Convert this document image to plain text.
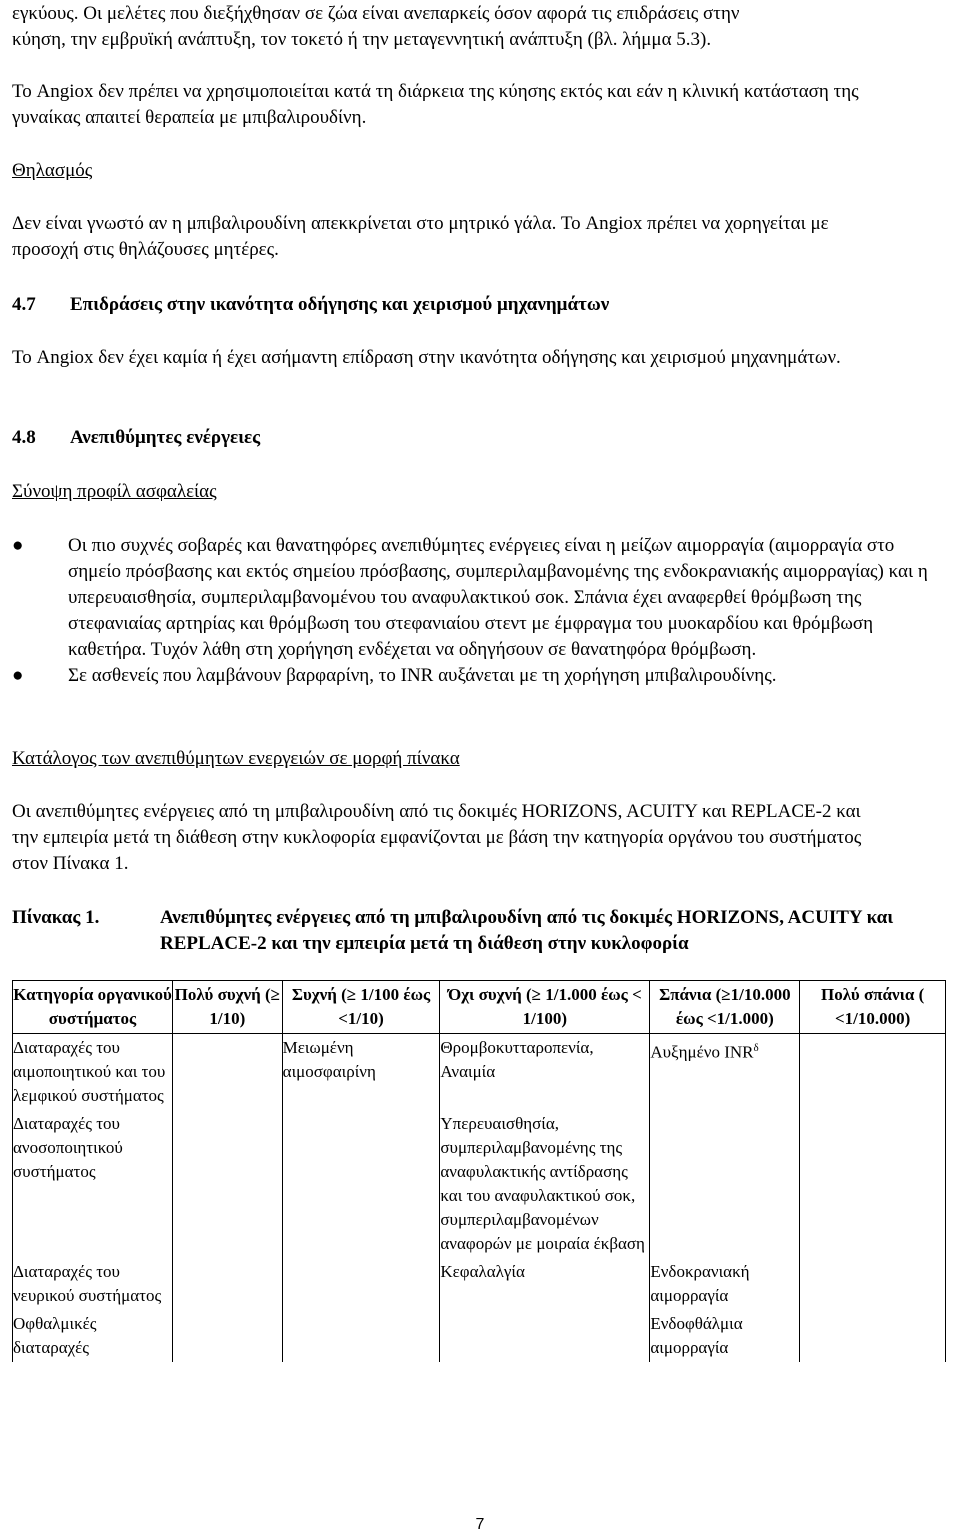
εγκύους. Οι μελέτες που διεξήχθησαν σε ζώα είναι ανεπαρκείς όσον αφορά τις επιδράσεις στην

κύηση, την εμβρυϊκή ανάπτυξη, τον τοκετό ή την μεταγεννητική ανάπτυξη (βλ. λήμμα 5.3).

Το Angiox δεν πρέπει να χρησιμοποιείται κατά τη διάρκεια της κύησης εκτός και εάν η κλινική κατάσταση της γυναίκας απαιτεί θεραπεία με μπιβαλιρουδίνη.

Θηλασμός

Δεν είναι γνωστό αν η μπιβαλιρουδίνη απεκκρίνεται στο μητρικό γάλα. Το Angiox πρέπει να χορηγείται με προσοχή στις θηλάζουσες μητέρες.

4.7 Επιδράσεις στην ικανότητα οδήγησης και χειρισμού μηχανημάτων

Το Angiox δεν έχει καμία ή έχει ασήμαντη επίδραση στην ικανότητα οδήγησης και χειρισμού μηχανημάτων.

4.8 Ανεπιθύμητες ενέργειες

Σύνοψη προφίλ ασφαλείας

●	Οι πιο συχνές σοβαρές και θανατηφόρες ανεπιθύμητες ενέργειες είναι η μείζων αιμορραγία (αιμορραγία στο σημείο πρόσβασης και εκτός σημείου πρόσβασης, συμπεριλαμβανομένης της ενδοκρανιακής αιμορραγίας) και η υπερευαισθησία, συμπεριλαμβανομένου του αναφυλακτικού σοκ. Σπάνια έχει αναφερθεί θρόμβωση της στεφανιαίας αρτηρίας και θρόμβωση του στεφανιαίου στεντ με έμφραγμα του μυοκαρδίου και θρόμβωση καθετήρα. Τυχόν λάθη στη χορήγηση ενδέχεται να οδηγήσουν σε θανατηφόρα θρόμβωση.
●	Σε ασθενείς που λαμβάνουν βαρφαρίνη, το INR αυξάνεται με τη χορήγηση μπιβαλιρουδίνης.

Κατάλογος των ανεπιθύμητων ενεργειών σε μορφή πίνακα

Οι ανεπιθύμητες ενέργειες από τη μπιβαλιρουδίνη από τις δοκιμές HORIZONS, ACUITY και REPLACE-2 και την εμπειρία μετά τη διάθεση στην κυκλοφορία εμφανίζονται με βάση την κατηγορία οργάνου του συστήματος στον Πίνακα 1.

Πίνακας 1.	Ανεπιθύμητες ενέργειες από τη μπιβαλιρουδίνη από τις δοκιμές HORIZONS, ACUITY και REPLACE-2 και την εμπειρία μετά τη διάθεση στην κυκλοφορία
Κατηγορία οργανικού συστήματος	Πολύ συχνή (≥ 1/10)	Συχνή (≥ 1/100 έως <1/10)	Όχι συχνή (≥ 1/1.000 έως < 1/100)	Σπάνια (≥1/10.000 έως <1/1.000)	Πολύ σπάνια ( <1/10.000)
Διαταραχές του αιμοποιητικού και του λεμφικού συστήματος		Μειωμένη αιμοσφαιρίνη	Θρομβοκυτταροπενία, Αναιμία	Αυξημένο $INR^\delta$	
Διαταραχές του ανοσοποιητικού συστήματος			Υπερευαισθησία, συμπεριλαμβανομένης της αναφυλακτικής αντίδρασης και του αναφυλακτικού σοκ, συμπεριλαμβανομένων αναφορών με μοιραία έκβαση		
Διαταραχές του νευρικού συστήματος			Κεφαλαλγία	Ενδοκρανιακή αιμορραγία	
Οφθαλμικές διαταραχές				Ενδοφθάλμια αιμορραγία	
7
